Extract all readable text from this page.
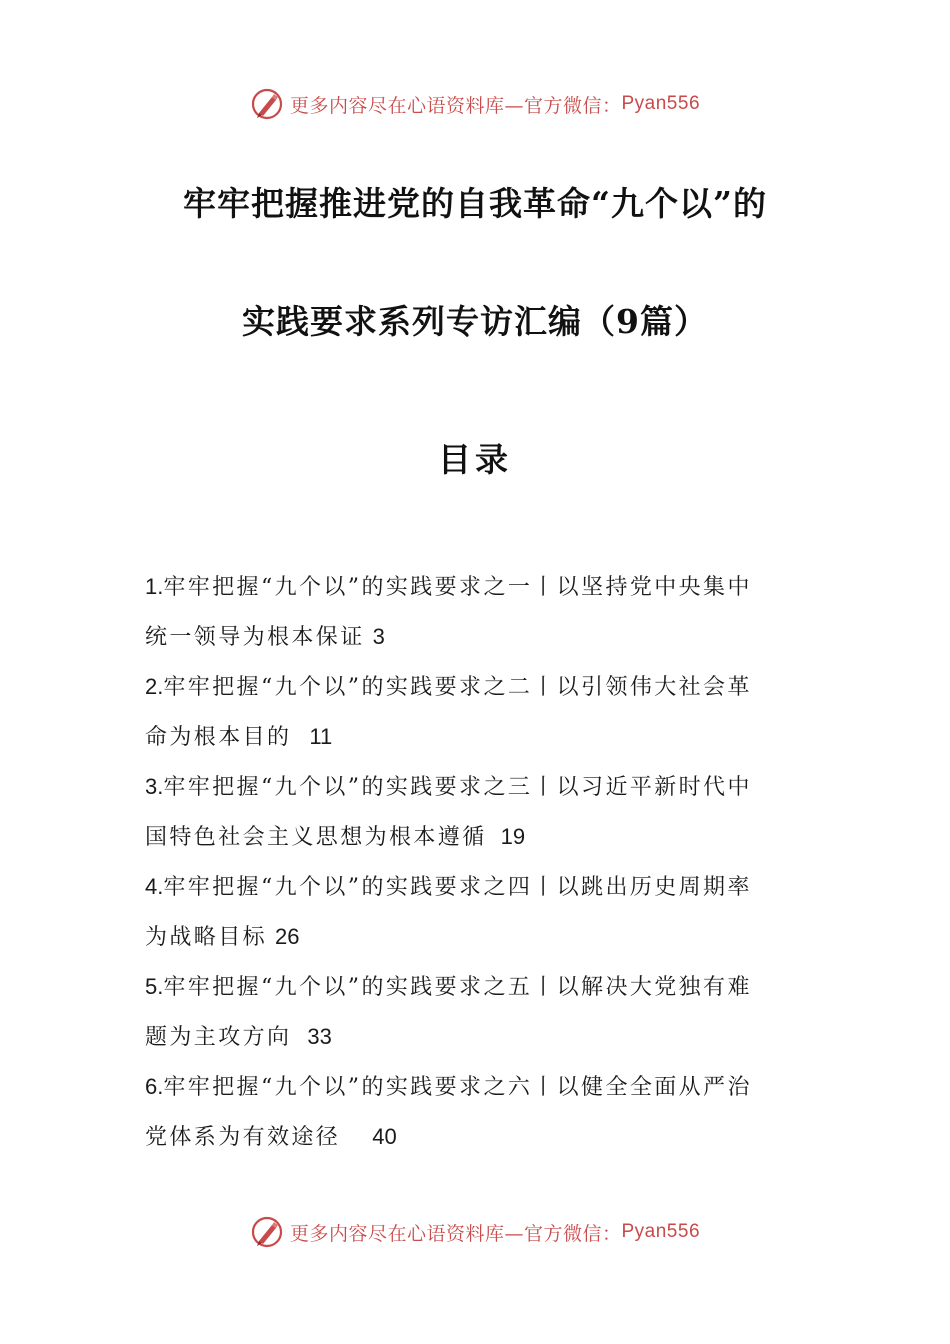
更多内容尽在心语资料库—官方微信： Pyan556
牢牢把握推进党的自我革命“九个以”的
实践要求系列专访汇编（9篇）
目录
1.牢牢把握“九个以”的实践要求之一丨以坚持党中央集中
统一领导为根本保证 3
2.牢牢把握“九个以”的实践要求之二丨以引领伟大社会革
命为根本目的 11
3.牢牢把握“九个以”的实践要求之三丨以习近平新时代中
国特色社会主义思想为根本遵循 19
4.牢牢把握“九个以”的实践要求之四丨以跳出历史周期率
为战略目标 26
5.牢牢把握“九个以”的实践要求之五丨以解决大党独有难
题为主攻方向 33
6.牢牢把握“九个以”的实践要求之六丨以健全全面从严治
党体系为有效途径 40
更多内容尽在心语资料库—官方微信： Pyan556
